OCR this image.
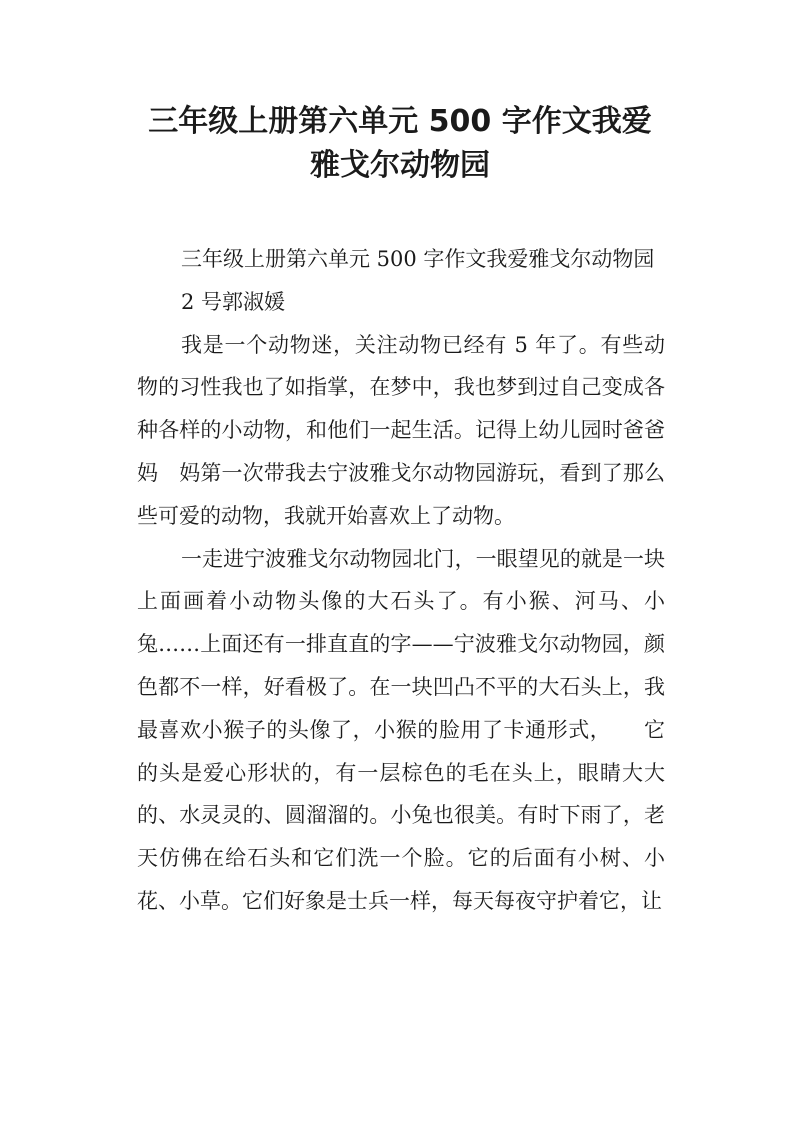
三年级上册第六单元 500 字作文我爱
雅戈尔动物园

三年级上册第六单元 500 字作文我爱雅戈尔动物园

2 号郭淑媛

我是一个动物迷，关注动物已经有 5 年了。有些动物的习性我也了如指掌，在梦中，我也梦到过自己变成各种各样的小动物，和他们一起生活。记得上幼儿园时爸爸妈　妈第一次带我去宁波雅戈尔动物园游玩，看到了那么些可爱的动物，我就开始喜欢上了动物。

一走进宁波雅戈尔动物园北门，一眼望见的就是一块上面画着小动物头像的大石头了。有小猴、河马、小兔……上面还有一排直直的字——宁波雅戈尔动物园，颜色都不一样，好看极了。在一块凹凸不平的大石头上，我最喜欢小猴子的头像了，小猴的脸用了卡通形式，　　它的头是爱心形状的，有一层棕色的毛在头上，眼睛大大的、水灵灵的、圆溜溜的。小兔也很美。有时下雨了，老天仿佛在给石头和它们洗一个脸。它的后面有小树、小花、小草。它们好象是士兵一样，每天每夜守护着它，让
